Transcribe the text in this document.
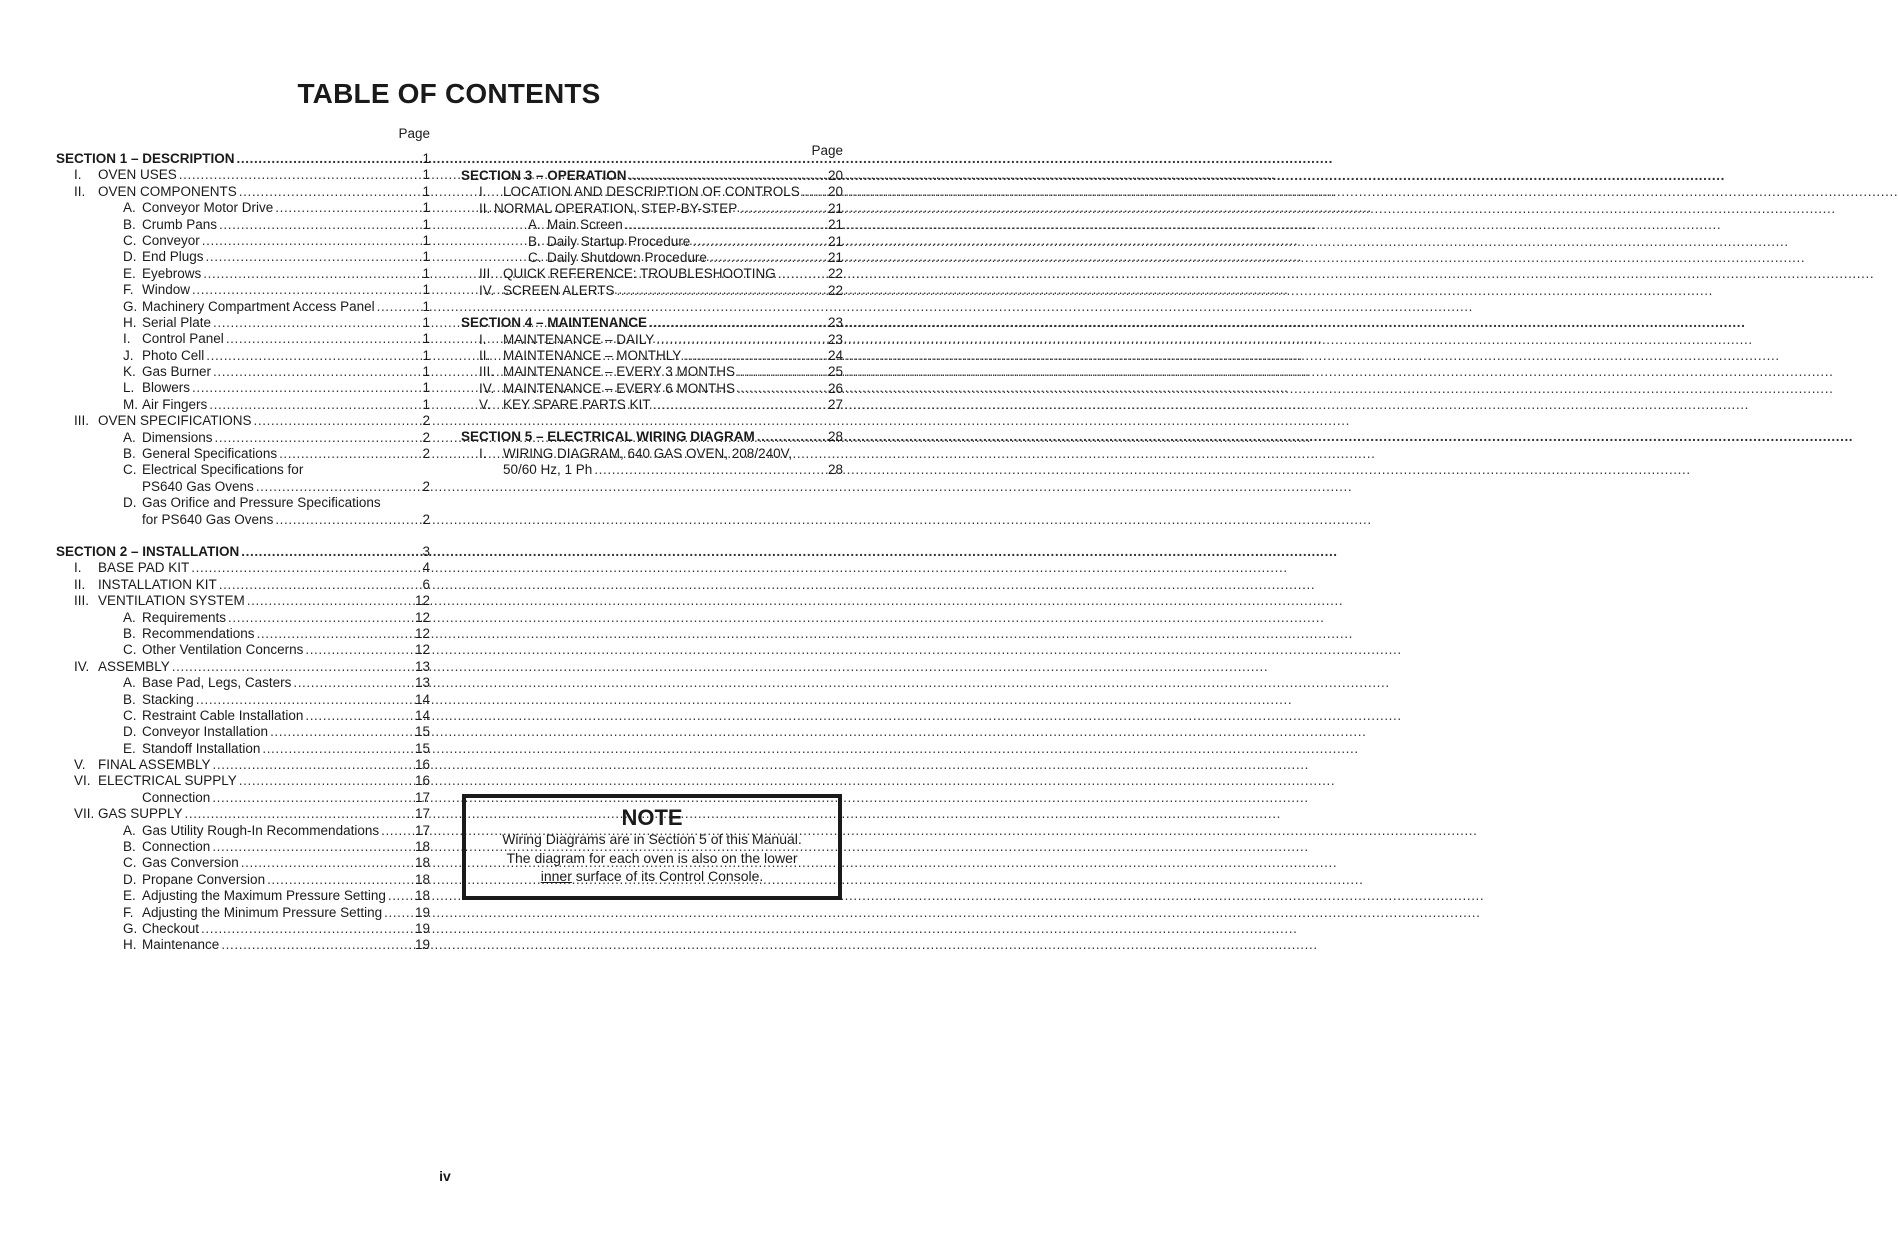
TABLE OF CONTENTS
Page
SECTION 1 – DESCRIPTION .....	1
I.	OVEN USES .....	1
II. OVEN COMPONENTS .....	1
A. Conveyor Motor Drive .....	1
B. Crumb Pans .....	1
C. Conveyor .....	1
D. End Plugs .....	1
E. Eyebrows .....	1
F. Window .....	1
G. Machinery Compartment Access Panel .....	1
H. Serial Plate .....	1
I. Control Panel .....	1
J. Photo Cell .....	1
K. Gas Burner .....	1
L. Blowers .....	1
M. Air Fingers .....	1
III. OVEN SPECIFICATIONS .....	2
A. Dimensions .....	2
B. General Specifications .....	2
C. Electrical Specifications for
PS640 Gas Ovens .....	2
D. Gas Orifice and Pressure Specifications
for PS640 Gas Ovens .....	2
SECTION 2 – INSTALLATION .....	3
I.	BASE PAD KIT .....	4
II. INSTALLATION KIT .....	6
III. VENTILATION SYSTEM .....	12
A. Requirements .....	12
B. Recommendations .....	12
C. Other Ventilation Concerns .....	12
IV. ASSEMBLY .....	13
A. Base Pad, Legs, Casters .....	13
B. Stacking .....	14
C. Restraint Cable Installation .....	14
D. Conveyor Installation .....	15
E. Standoff Installation .....	15
V. FINAL ASSEMBLY .....	16
VI. ELECTRICAL SUPPLY .....	16
Connection .....	17
VII. GAS SUPPLY .....	17
A. Gas Utility Rough-In Recommendations .....	17
B. Connection .....	18
C. Gas Conversion .....	18
D. Propane Conversion .....	18
E. Adjusting the Maximum Pressure Setting ..... 18
F. Adjusting the Minimum Pressure Setting ..... 19
G. Checkout .....	19
H. Maintenance .....	19
Page
SECTION 3 – OPERATION .....	20
I.	LOCATION AND DESCRIPTION OF CONTROLS ..... 20
II. NORMAL OPERATION, STEP-BY-STEP .....	21
A. Main Screen .....	21
B. Daily Startup Procedure .....	21
C. Daily Shutdown Procedure .....	21
III. QUICK REFERENCE: TROUBLESHOOTING .....	22
IV. SCREEN ALERTS .....	22
SECTION 4 – MAINTENANCE .....	23
I.	MAINTENANCE – DAILY .....	23
II. MAINTENANCE – MONTHLY .....	24
III. MAINTENANCE – EVERY 3 MONTHS .....	25
IV. MAINTENANCE – EVERY 6 MONTHS .....	26
V. KEY SPARE PARTS KIT .....	27
SECTION 5 – ELECTRICAL WIRING DIAGRAM .....	28
I.	WIRING DIAGRAM, 640 GAS OVEN, 208/240V,
50/60 Hz, 1 Ph .....	28
NOTE
Wiring Diagrams are in Section 5 of this Manual.
The diagram for each oven is also on the lower
inner surface of its Control Console.
iv
